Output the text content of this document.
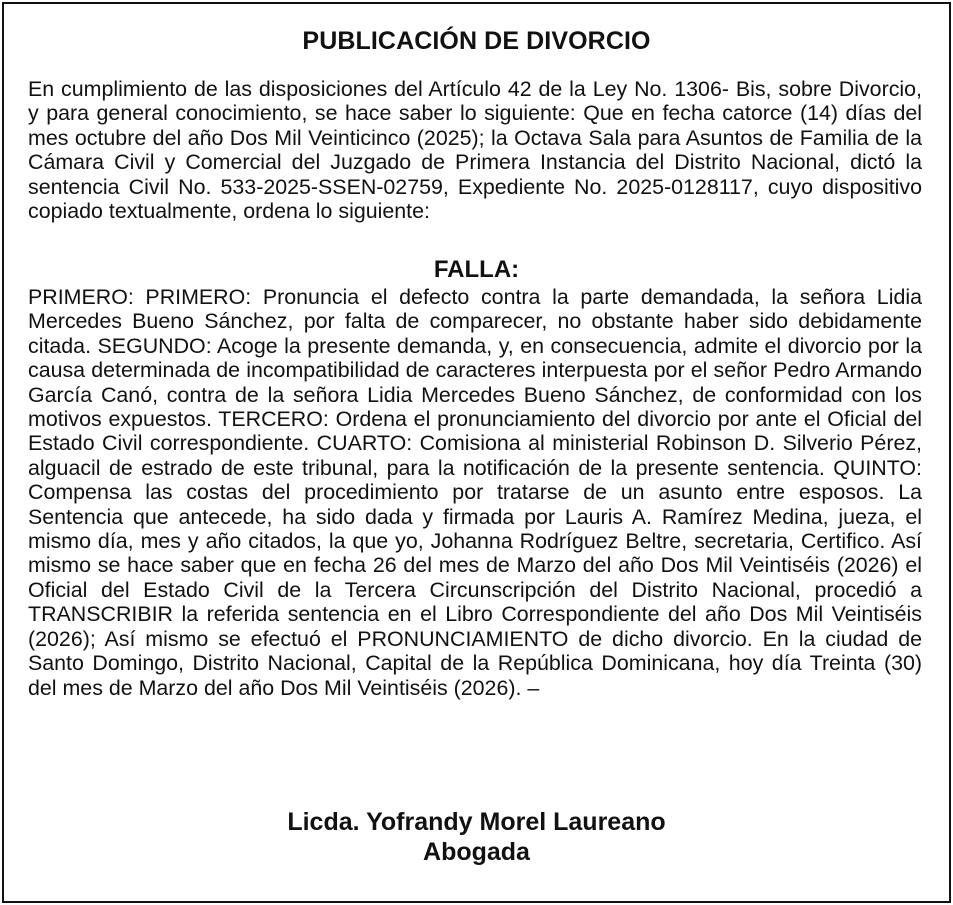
PUBLICACIÓN DE DIVORCIO
En cumplimiento de las disposiciones del Artículo 42 de la Ley No. 1306- Bis, sobre Divorcio, y para general conocimiento, se hace saber lo siguiente: Que en fecha catorce (14) días del mes octubre del año Dos Mil Veinticinco (2025); la Octava Sala para Asuntos de Familia de la Cámara Civil y Comercial del Juzgado de Primera Instancia del Distrito Nacional, dictó la sentencia Civil No. 533-2025-SSEN-02759, Expediente No. 2025-0128117, cuyo dispositivo copiado textualmente, ordena lo siguiente:
FALLA:
PRIMERO: PRIMERO: Pronuncia el defecto contra la parte demandada, la señora Lidia Mercedes Bueno Sánchez, por falta de comparecer, no obstante haber sido debidamente citada. SEGUNDO: Acoge la presente demanda, y, en consecuencia, admite el divorcio por la causa determinada de incompatibilidad de caracteres interpuesta por el señor Pedro Armando García Canó, contra de la señora Lidia Mercedes Bueno Sánchez, de conformidad con los motivos expuestos. TERCERO: Ordena el pronunciamiento del divorcio por ante el Oficial del Estado Civil correspondiente. CUARTO: Comisiona al ministerial Robinson D. Silverio Pérez, alguacil de estrado de este tribunal, para la notificación de la presente sentencia. QUINTO: Compensa las costas del procedimiento por tratarse de un asunto entre esposos. La Sentencia que antecede, ha sido dada y firmada por Lauris A. Ramírez Medina, jueza, el mismo día, mes y año citados, la que yo, Johanna Rodríguez Beltre, secretaria, Certifico. Así mismo se hace saber que en fecha 26 del mes de Marzo del año Dos Mil Veintiséis (2026) el Oficial del Estado Civil de la Tercera Circunscripción del Distrito Nacional, procedió a TRANSCRIBIR la referida sentencia en el Libro Correspondiente del año Dos Mil Veintiséis (2026); Así mismo se efectuó el PRONUNCIAMIENTO de dicho divorcio. En la ciudad de Santo Domingo, Distrito Nacional, Capital de la República Dominicana, hoy día Treinta (30) del mes de Marzo del año Dos Mil Veintiséis (2026). –
Licda. Yofrandy Morel Laureano
Abogada
